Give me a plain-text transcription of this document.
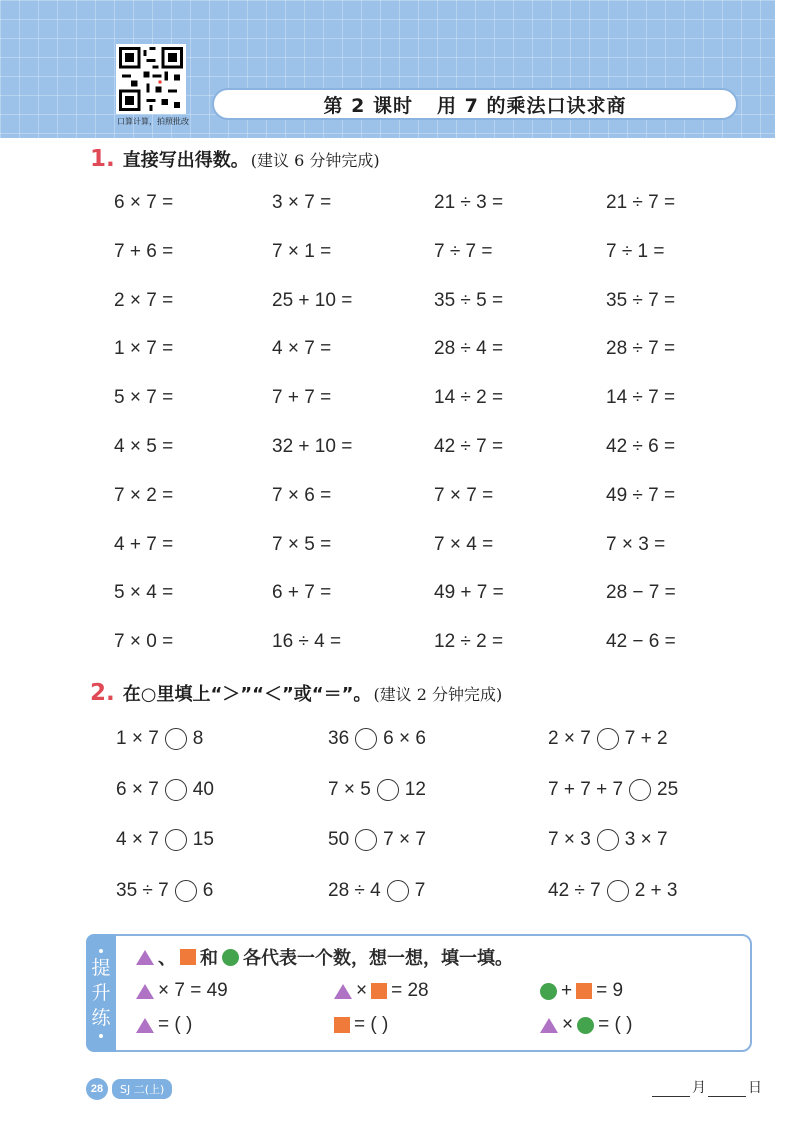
口算计算，拍照批改
第 2 课时 用 7 的乘法口诀求商
1. 直接写出得数。 (建议 6 分钟完成)
6 × 7 =	3 × 7 =	21 ÷ 3 =	21 ÷ 7 =
7 + 6 =	7 × 1 =	7 ÷ 7 =	7 ÷ 1 =
2 × 7 =	25 + 10 =	35 ÷ 5 =	35 ÷ 7 =
1 × 7 =	4 × 7 =	28 ÷ 4 =	28 ÷ 7 =
5 × 7 =	7 + 7 =	14 ÷ 2 =	14 ÷ 7 =
4 × 5 =	32 + 10 =	42 ÷ 7 =	42 ÷ 6 =
7 × 2 =	7 × 6 =	7 × 7 =	49 ÷ 7 =
4 + 7 =	7 × 5 =	7 × 4 =	7 × 3 =
5 × 4 =	6 + 7 =	49 + 7 =	28 − 7 =
7 × 0 =	16 ÷ 4 =	12 ÷ 2 =	42 − 6 =
2. 在○里填上“＞”“＜”或“＝”。 (建议 2 分钟完成)
1 × 7 8	36 6 × 6	2 × 7 7 + 2
6 × 7 40	7 × 5 12	7 + 7 + 7 25
4 × 7 15	50 7 × 7	7 × 3 3 × 7
35 ÷ 7 6	28 ÷ 4 7	42 ÷ 7 2 + 3
提
升
练
、 和 各代表一个数，想一想，填一填。
× 7 = 49	× = 28	+ = 9
= ( )	= ( )	× = ( )
28	SJ 二(上)	月	日
